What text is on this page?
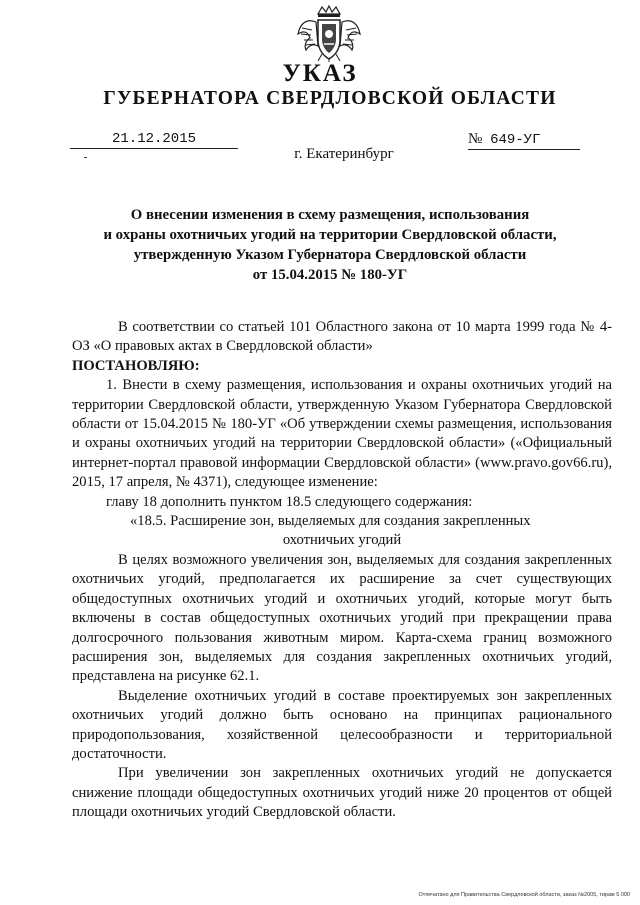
УКАЗ
ГУБЕРНАТОРА СВЕРДЛОВСКОЙ ОБЛАСТИ
21.12.2015	№ 649-УГ
г. Екатеринбург
О внесении изменения в схему размещения, использования
и охраны охотничьих угодий на территории Свердловской области,
утвержденную Указом Губернатора Свердловской области
от 15.04.2015 № 180-УГ

В соответствии со статьей 101 Областного закона от 10 марта 1999 года № 4-ОЗ «О правовых актах в Свердловской области»

ПОСТАНОВЛЯЮ:

1. Внести в схему размещения, использования и охраны охотничьих угодий на территории Свердловской области, утвержденную Указом Губернатора Свердловской области от 15.04.2015 № 180-УГ «Об утверждении схемы размещения, использования и охраны охотничьих угодий на территории Свердловской области» («Официальный интернет-портал правовой информации Свердловской области» (www.pravo.gov66.ru), 2015, 17 апреля, № 4371), следующее изменение:

главу 18 дополнить пунктом 18.5 следующего содержания:

«18.5. Расширение зон, выделяемых для создания закрепленных

охотничьих угодий

В целях возможного увеличения зон, выделяемых для создания закрепленных охотничьих угодий, предполагается их расширение за счет существующих общедоступных охотничьих угодий и охотничьих угодий, которые могут быть включены в состав общедоступных охотничьих угодий при прекращении права долгосрочного пользования животным миром. Карта-схема границ возможного расширения зон, выделяемых для создания закрепленных охотничьих угодий, представлена на рисунке 62.1.

Выделение охотничьих угодий в составе проектируемых зон закрепленных охотничьих угодий должно быть основано на принципах рационального природопользования, хозяйственной целесообразности и территориальной достаточности.

При увеличении зон закрепленных охотничьих угодий не допускается снижение площади общедоступных охотничьих угодий ниже 20 процентов от общей площади охотничьих угодий Свердловской области.

Отпечатано для Правительства Свердловской области, заказ №2005, тираж 5 000
